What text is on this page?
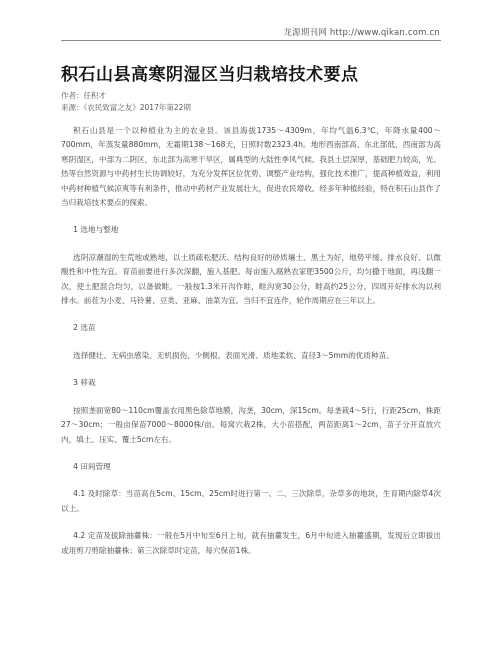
龙源期刊网 http://www.qikan.com.cn
积石山县高寒阴湿区当归栽培技术要点
作者：任积才
来源：《农民致富之友》2017年第22期

积石山县是一个以种植业为主的农业县。该县海拔1735～4309m，年均气温6.3℃，年降水量400～700mm，年蒸发量880mm，无霜期138～168天，日照时数2323.4h。地形西南部高、东北部低，西南部为高寒阴湿区，中部为二阴区，东北部为高寒干旱区，属典型的大陆性季风气候。我县土层深厚，基础肥力较高，光、热等自然资源与中药材生长协调较好，为充分发挥区位优势，调整产业结构，强化技术推广，提高种植效益，利用中药材种植气候凉爽等有利条件，推动中药材产业发展壮大，促进农民增收。经多年种植经验，特在积石山县作了当归栽培技术要点的探索。

1 选地与整地

选阴凉潮湿的生荒地或熟地，以土质疏松肥沃、结构良好的砂质壤土、黑土为好，地势平缓、排水良好、以微酸性和中性为宜。育苗前要进行多次深翻，施入基肥。每亩施入腐熟农家肥3500公斤，均匀撒于地面，再浅翻一次，使土肥混合均匀，以备做畦。一般按1.3米开沟作畦，畦沟宽30公分，畦高约25公分，四周开好排水沟以利排水。前茬为小麦、马铃薯、豆类、亚麻、油菜为宜。当归不宜连作，轮作周期应在三年以上。

2 选苗

选择健壮、无病虫感染、无机损伤、少侧根、表面光滑、质地柔软、直径3～5mm的优质种苗。

3 移栽

按照垄面宽80～110cm覆盖农用黑色除草地膜，沟垄，30cm，深15cm。每垄栽4～5行，行距25cm，株距27～30cm；一般亩保苗7000～8000株/亩。每窝穴栽2株，大小苗搭配，两苗距离1～2cm，苗子分开直放穴内，填土、压实、覆土5cm左右。

4 田间管理

4.1 及时除草：当苗高在5cm、15cm、25cm时进行第一、二、三次除草，杂草多的地块，生育期内除草4次以上。

4.2 定苗及拔除抽薹株：一般在5月中旬至6月上旬，就有抽薹发生，6月中旬进入抽薹盛期，发现后立即拔出或用剪刀剪除抽薹株；第三次除草时定苗，每穴保苗1株。
